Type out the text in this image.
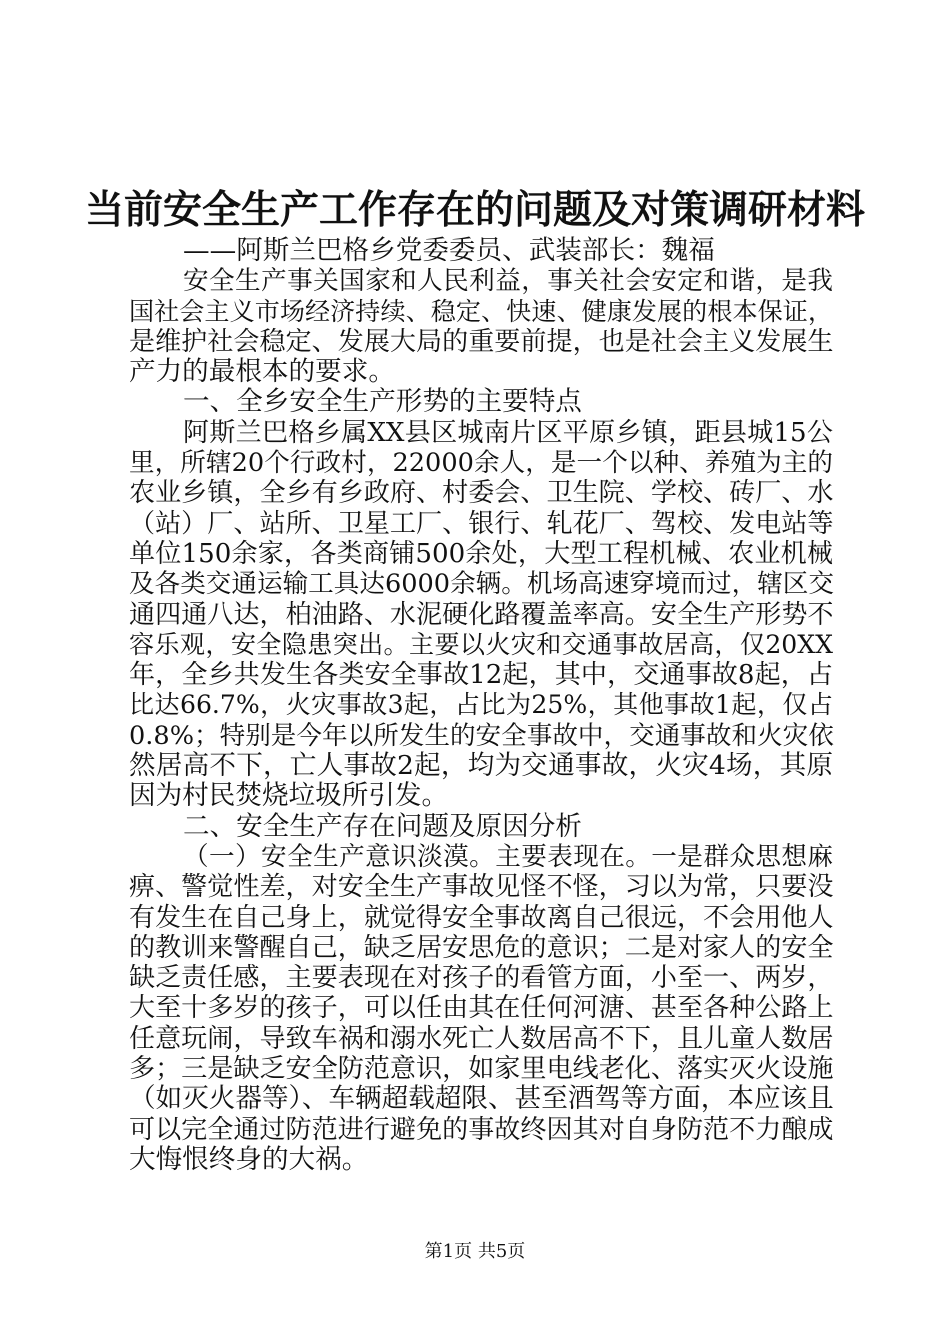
当前安全生产工作存在的问题及对策调研材料
——阿斯兰巴格乡党委委员、武装部长：魏福
安全生产事关国家和人民利益，事关社会安定和谐，是我
国社会主义市场经济持续、稳定、快速、健康发展的根本保证，
是维护社会稳定、发展大局的重要前提，也是社会主义发展生
产力的最根本的要求。
一、全乡安全生产形势的主要特点
阿斯兰巴格乡属XX县区城南片区平原乡镇，距县城15公
里，所辖20个行政村，22000余人，是一个以种、养殖为主的
农业乡镇，全乡有乡政府、村委会、卫生院、学校、砖厂、水
（站）厂、站所、卫星工厂、银行、轧花厂、驾校、发电站等
单位150余家，各类商铺500余处，大型工程机械、农业机械
及各类交通运输工具达6000余辆。机场高速穿境而过，辖区交
通四通八达，柏油路、水泥硬化路覆盖率高。安全生产形势不
容乐观，安全隐患突出。主要以火灾和交通事故居高，仅20XX
年，全乡共发生各类安全事故12起，其中，交通事故8起，占
比达66.7%，火灾事故3起，占比为25%，其他事故1起，仅占
0.8%；特别是今年以所发生的安全事故中，交通事故和火灾依
然居高不下，亡人事故2起，均为交通事故，火灾4场，其原
因为村民焚烧垃圾所引发。
二、安全生产存在问题及原因分析
（一）安全生产意识淡漠。主要表现在。一是群众思想麻
痹、警觉性差，对安全生产事故见怪不怪，习以为常，只要没
有发生在自己身上，就觉得安全事故离自己很远，不会用他人
的教训来警醒自己，缺乏居安思危的意识；二是对家人的安全
缺乏责任感，主要表现在对孩子的看管方面，小至一、两岁，
大至十多岁的孩子，可以任由其在任何河溏、甚至各种公路上
任意玩闹，导致车祸和溺水死亡人数居高不下，且儿童人数居
多；三是缺乏安全防范意识，如家里电线老化、落实灭火设施
（如灭火器等）、车辆超载超限、甚至酒驾等方面，本应该且
可以完全通过防范进行避免的事故终因其对自身防范不力酿成
大悔恨终身的大祸。
第1页 共5页
